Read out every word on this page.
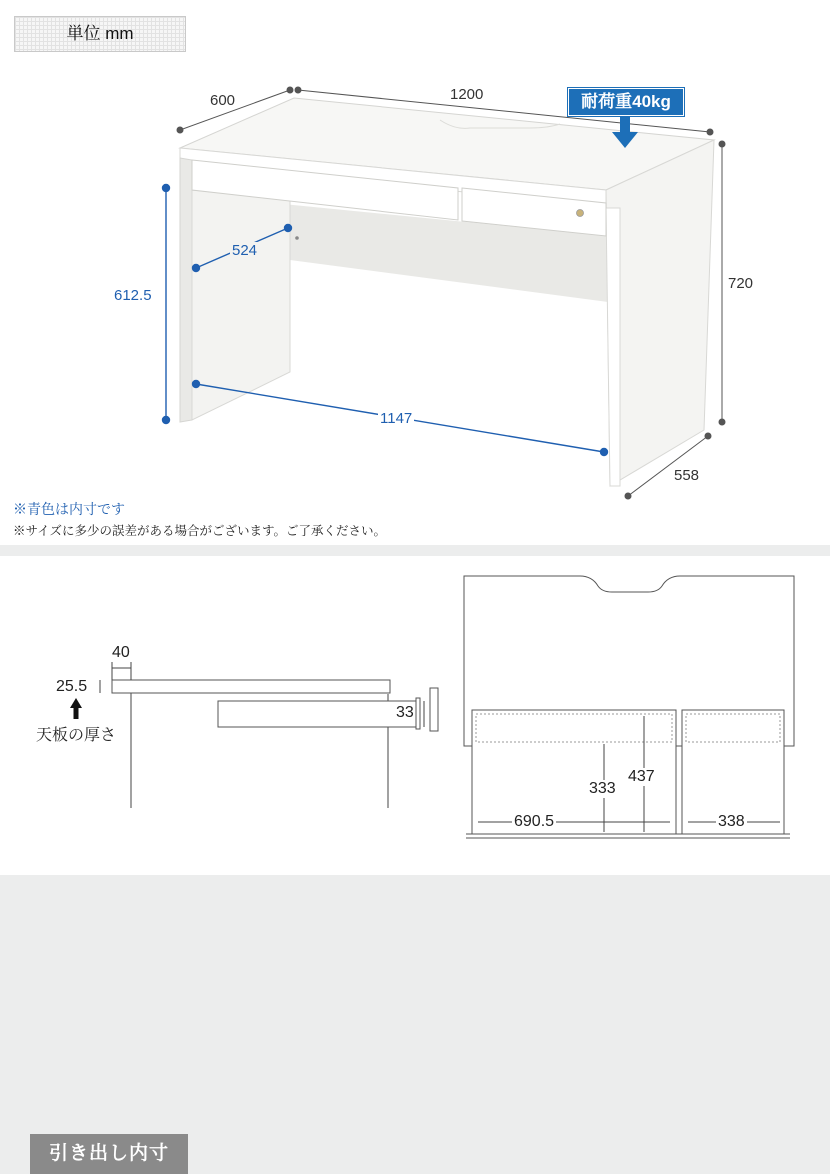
単位 mm
耐荷重40kg
600	1200
720
558
612.5
524
1147
※青色は内寸です
※サイズに多少の誤差がある場合がございます。ご了承ください。
引き出し内寸
40
25.5
天板の厚さ
33
333
437
690.5	338
